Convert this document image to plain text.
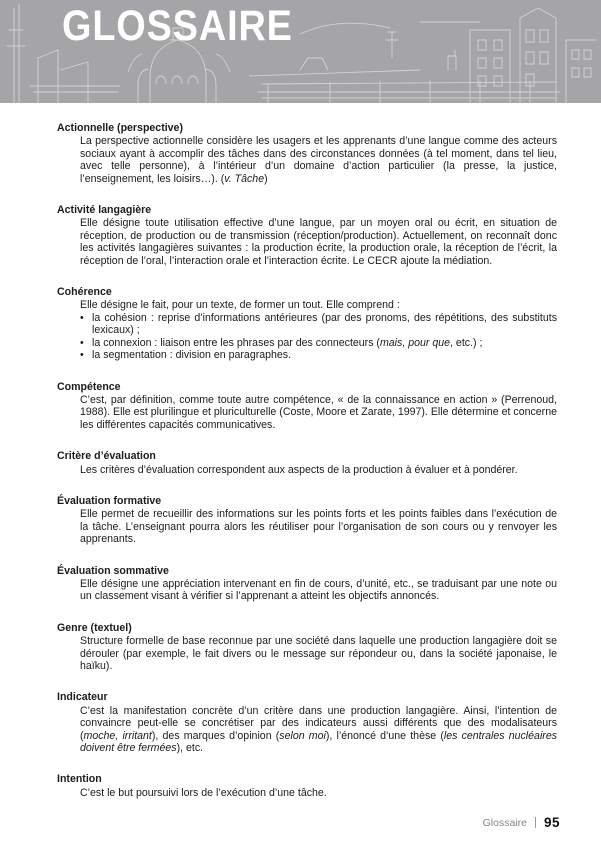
GLOSSAIRE
Actionnelle (perspective)
La perspective actionnelle considère les usagers et les apprenants d’une langue comme des acteurs sociaux ayant à accomplir des tâches dans des circonstances données (à tel moment, dans tel lieu, avec telle personne), à l’intérieur d’un domaine d’action particulier (la presse, la justice, l’enseignement, les loisirs…). (v. Tâche)
Activité langagière
Elle désigne toute utilisation effective d’une langue, par un moyen oral ou écrit, en situation de réception, de production ou de transmission (réception/production). Actuellement, on reconnaît donc les activités langagières suivantes : la production écrite, la production orale, la réception de l’écrit, la réception de l’oral, l’interaction orale et l’interaction écrite. Le CECR ajoute la médiation.
Cohérence
Elle désigne le fait, pour un texte, de former un tout. Elle comprend :
• la cohésion : reprise d’informations antérieures (par des pronoms, des répétitions, des substituts lexicaux) ;
• la connexion : liaison entre les phrases par des connecteurs (mais, pour que, etc.) ;
• la segmentation : division en paragraphes.
Compétence
C’est, par définition, comme toute autre compétence, « de la connaissance en action » (Perrenoud, 1988). Elle est plurilingue et pluriculturelle (Coste, Moore et Zarate, 1997). Elle détermine et concerne les différentes capacités communicatives.
Critère d’évaluation
Les critères d’évaluation correspondent aux aspects de la production à évaluer et à pondérer.
Évaluation formative
Elle permet de recueillir des informations sur les points forts et les points faibles dans l’exécution de la tâche. L’enseignant pourra alors les réutiliser pour l’organisation de son cours ou y renvoyer les apprenants.
Évaluation sommative
Elle désigne une appréciation intervenant en fin de cours, d’unité, etc., se traduisant par une note ou un classement visant à vérifier si l’apprenant a atteint les objectifs annoncés.
Genre (textuel)
Structure formelle de base reconnue par une société dans laquelle une production langagière doit se dérouler (par exemple, le fait divers ou le message sur répondeur ou, dans la société japonaise, le haïku).
Indicateur
C’est la manifestation concrète d’un critère dans une production langagière. Ainsi, l’intention de convaincre peut-elle se concrétiser par des indicateurs aussi différents que des modalisateurs (moche, irritant), des marques d’opinion (selon moi), l’énoncé d’une thèse (les centrales nucléaires doivent être fermées), etc.
Intention
C’est le but poursuivi lors de l’exécution d’une tâche.
Glossaire 95
